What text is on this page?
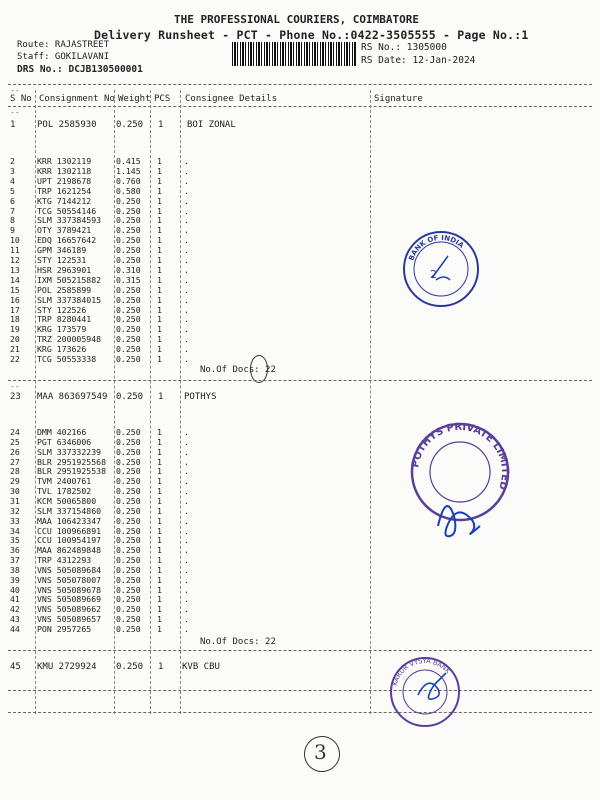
THE PROFESSIONAL COURIERS, COIMBATORE
Delivery Runsheet - PCT - Phone No.:0422-3505555 - Page No.:1
Route: RAJASTREET
Staff: GOKILAVANI
DRS No.: DCJB130500001
RS No.: 1305000
RS Date: 12-Jan-2024
--
S No Consignment No Weight PCS Consignee Details	Signature
--
1 POL 2585930 0.250 1	BOI ZONAL
2	KRR 1302119	0.415 1	.
3	KRR 1302118	1.145 1	.
4	UPT 2198678	0.760 1	.
5	TRP 1621254	0.580 1	.
6	KTG 7144212	0.250 1	.
7	TCG 50554146 0.250 1	.
8	SLM 337384593 0.250 1	.
9	OTY 3789421	0.250 1	.
10 EDQ 16657642 0.250 1	.
11 GPM 346189	0.250 1	.
12 STY 122531	0.250 1	.
13 HSR 2963901	0.310 1	.
14 IXM 505215882 0.315 1	.
15 POL 2585899	0.250 1	.
16 SLM 337384015 0.250 1	.
17 STY 122526	0.250 1	.
18 TRP 8280441	0.250 1	.
19 KRG 173579	0.250 1	.
20 TRZ 200005948 0.250 1	.
21 KRG 173626	0.250 1	.
22 TCG 50553338 0.250 1	.
No.Of Docs: 22
--
23 MAA 863697549 0.250 1 POTHYS
24 DMM 402166	0.250 1	.
25 PGT 6346006	0.250 1	.
26 SLM 337332239 0.250 1	.
27 BLR 2951925568 0.250 1	.
28 BLR 2951925538 0.250 1	.
29 TVM 2400761	0.250 1	.
30 TVL 1782502	0.250 1	.
31 KCM 50065800 0.250 1	.
32 SLM 337154860 0.250 1	.
33 MAA 106423347 0.250 1	.
34 CCU 100966891 0.250 1	.
35 CCU 100954197 0.250 1	.
36 MAA 862489848 0.250 1	.
37 TRP 4312293	0.250 1	.
38 VNS 505089684 0.250 1	.
39 VNS 505078007 0.250 1	.
40 VNS 505089678 0.250 1	.
41 VNS 505089669 0.250 1	.
42 VNS 505089662 0.250 1	.
43 VNS 505089657 0.250 1	.
44 PON 2957265	0.250 1	.
No.Of Docs: 22
45 KMU 2729924 0.250 1 KVB CBU
BANK OF INDIA
2
POTHYS PRIVATE LIMITED
KARUR VYSYA BANK
3
